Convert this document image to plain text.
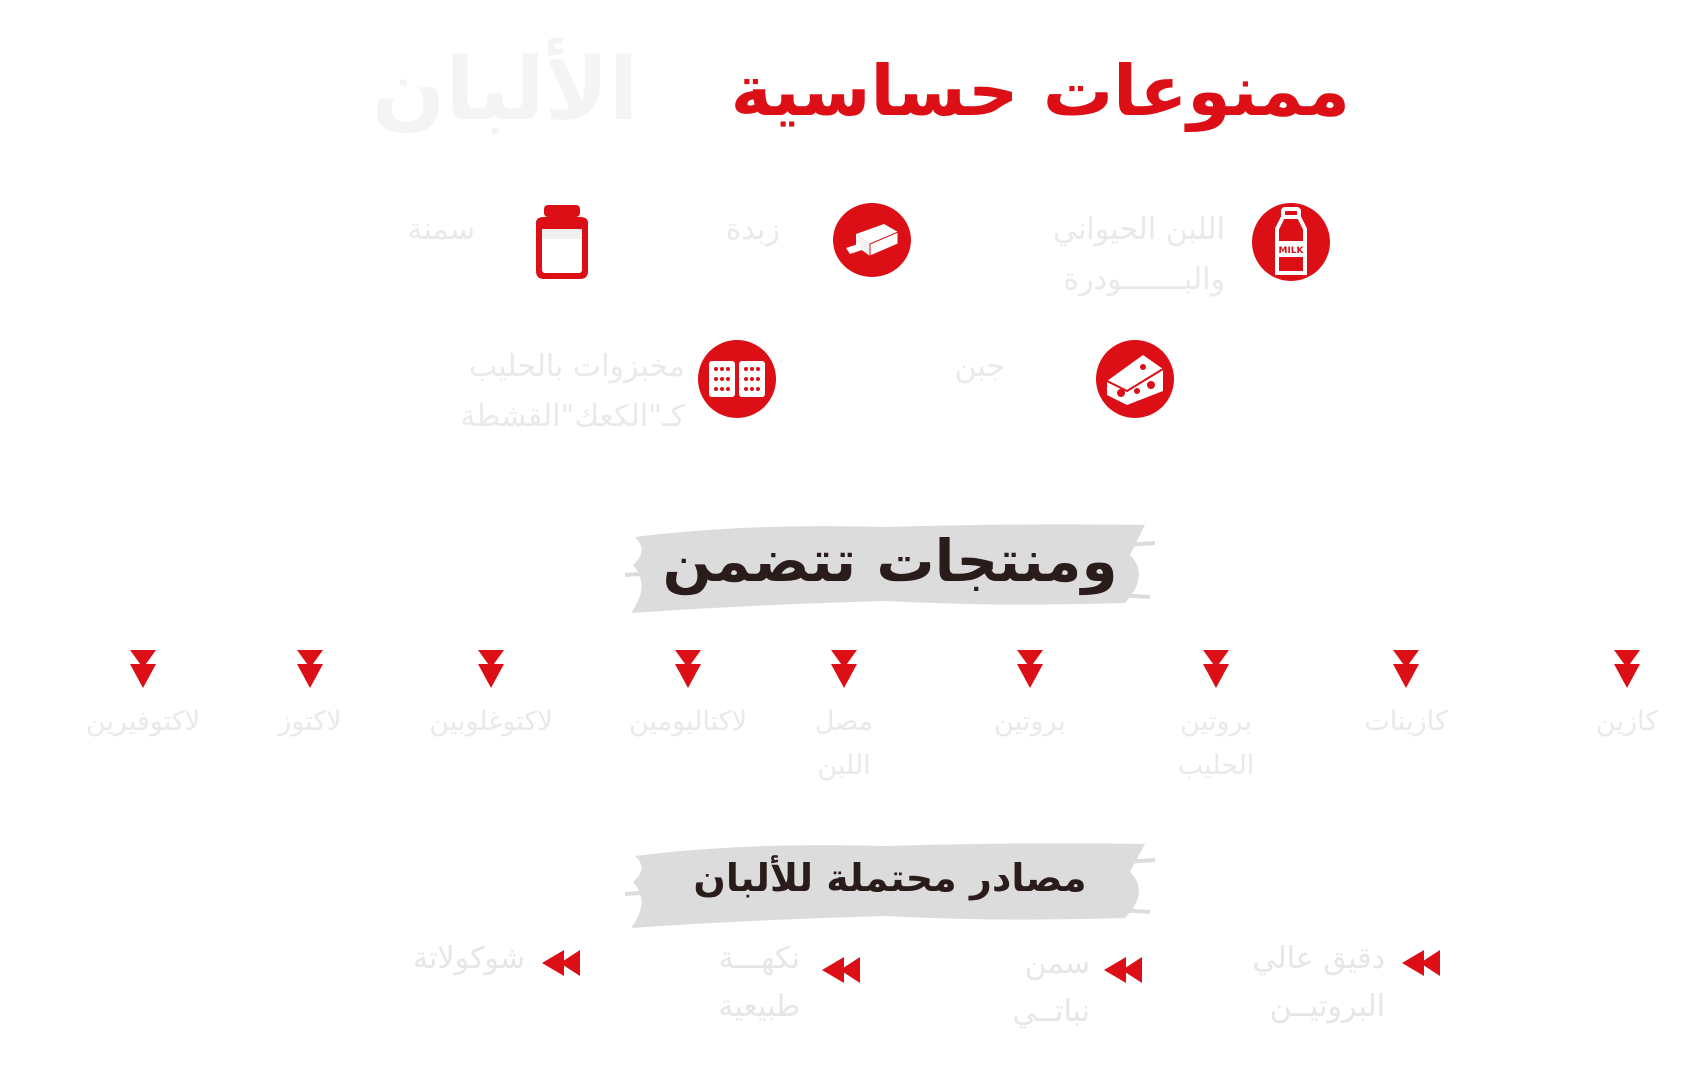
الألبان	ممنوعات حساسية
MILK
اللبن الحيواني
والبـــــــودرة
زبدة
سمنة
جبن
مخبزوات بالحليب
كـ"الكعك"القشطة
ومنتجات تتضمن
كازين
كازينات
بروتين
الحليب
بروتين
مصل
اللبن
لاكتالبومين
لاكتوغلوبين
لاكتوز
لاكتوفيرين
مصادر محتملة للألبان
دقيق عالي
البروتيــن
سمن
نباتــي
نكهـــة
طبيعية
شوكولاتة
